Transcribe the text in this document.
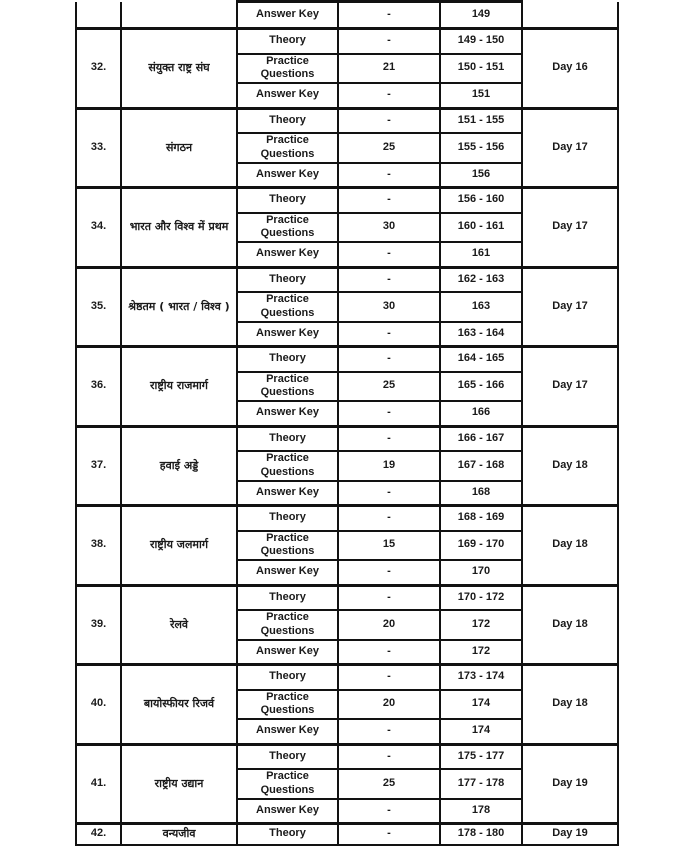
		Answer Key	-	149	
32.	संयुक्त राष्ट्र संघ	Theory	-	149 - 150	Day 16
		Practice Questions	21	150 - 151	
		Answer Key	-	151	
33.	संगठन	Theory	-	151 - 155	Day 17
		Practice Questions	25	155 - 156	
		Answer Key	-	156	
34.	भारत और विश्व में प्रथम	Theory	-	156 - 160	Day 17
		Practice Questions	30	160 - 161	
		Answer Key	-	161	
35.	श्रेष्ठतम ( भारत / विश्व )	Theory	-	162 - 163	Day 17
		Practice Questions	30	163	
		Answer Key	-	163 - 164	
36.	राष्ट्रीय राजमार्ग	Theory	-	164 - 165	Day 17
		Practice Questions	25	165 - 166	
		Answer Key	-	166	
37.	हवाई अड्डे	Theory	-	166 - 167	Day 18
		Practice Questions	19	167 - 168	
		Answer Key	-	168	
38.	राष्ट्रीय जलमार्ग	Theory	-	168 - 169	Day 18
		Practice Questions	15	169 - 170	
		Answer Key	-	170	
39.	रेलवे	Theory	-	170 - 172	Day 18
		Practice Questions	20	172	
		Answer Key	-	172	
40.	बायोस्फीयर रिजर्व	Theory	-	173 - 174	Day 18
		Practice Questions	20	174	
		Answer Key	-	174	
41.	राष्ट्रीय उद्यान	Theory	-	175 - 177	Day 19
		Practice Questions	25	177 - 178	
		Answer Key	-	178	
42.	वन्यजीव	Theory	-	178 - 180	Day 19
